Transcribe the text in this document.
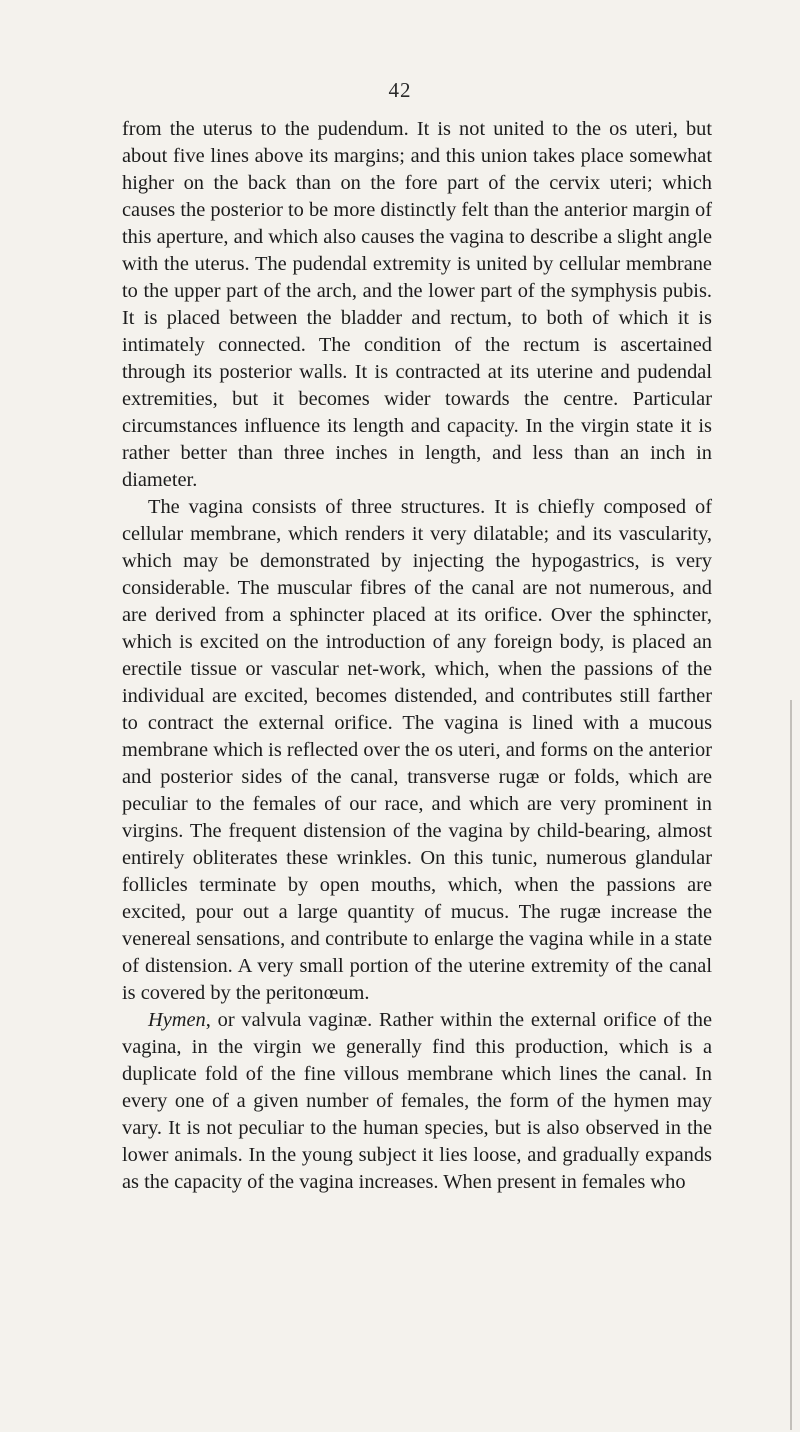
42

from the uterus to the pudendum. It is not united to the os uteri, but about five lines above its margins; and this union takes place somewhat higher on the back than on the fore part of the cervix uteri; which causes the posterior to be more distinctly felt than the anterior margin of this aperture, and which also causes the vagina to describe a slight angle with the uterus. The pudendal extremity is united by cellular membrane to the upper part of the arch, and the lower part of the symphysis pubis. It is placed between the bladder and rectum, to both of which it is intimately connected. The condition of the rectum is ascertained through its posterior walls. It is contracted at its uterine and pudendal extremities, but it becomes wider towards the centre. Particular circumstances influence its length and capacity. In the virgin state it is rather better than three inches in length, and less than an inch in diameter.

The vagina consists of three structures. It is chiefly composed of cellular membrane, which renders it very dilatable; and its vascularity, which may be demonstrated by injecting the hypogastrics, is very considerable. The muscular fibres of the canal are not numerous, and are derived from a sphincter placed at its orifice. Over the sphincter, which is excited on the introduction of any foreign body, is placed an erectile tissue or vascular net-work, which, when the passions of the individual are excited, becomes distended, and contributes still farther to contract the external orifice. The vagina is lined with a mucous membrane which is reflected over the os uteri, and forms on the anterior and posterior sides of the canal, transverse rugæ or folds, which are peculiar to the females of our race, and which are very prominent in virgins. The frequent distension of the vagina by child-bearing, almost entirely obliterates these wrinkles. On this tunic, numerous glandular follicles terminate by open mouths, which, when the passions are excited, pour out a large quantity of mucus. The rugæ increase the venereal sensations, and contribute to enlarge the vagina while in a state of distension. A very small portion of the uterine extremity of the canal is covered by the peritonœum.

Hymen, or valvula vaginæ. Rather within the external orifice of the vagina, in the virgin we generally find this production, which is a duplicate fold of the fine villous membrane which lines the canal. In every one of a given number of females, the form of the hymen may vary. It is not peculiar to the human species, but is also observed in the lower animals. In the young subject it lies loose, and gradually expands as the capacity of the vagina increases. When present in females who
